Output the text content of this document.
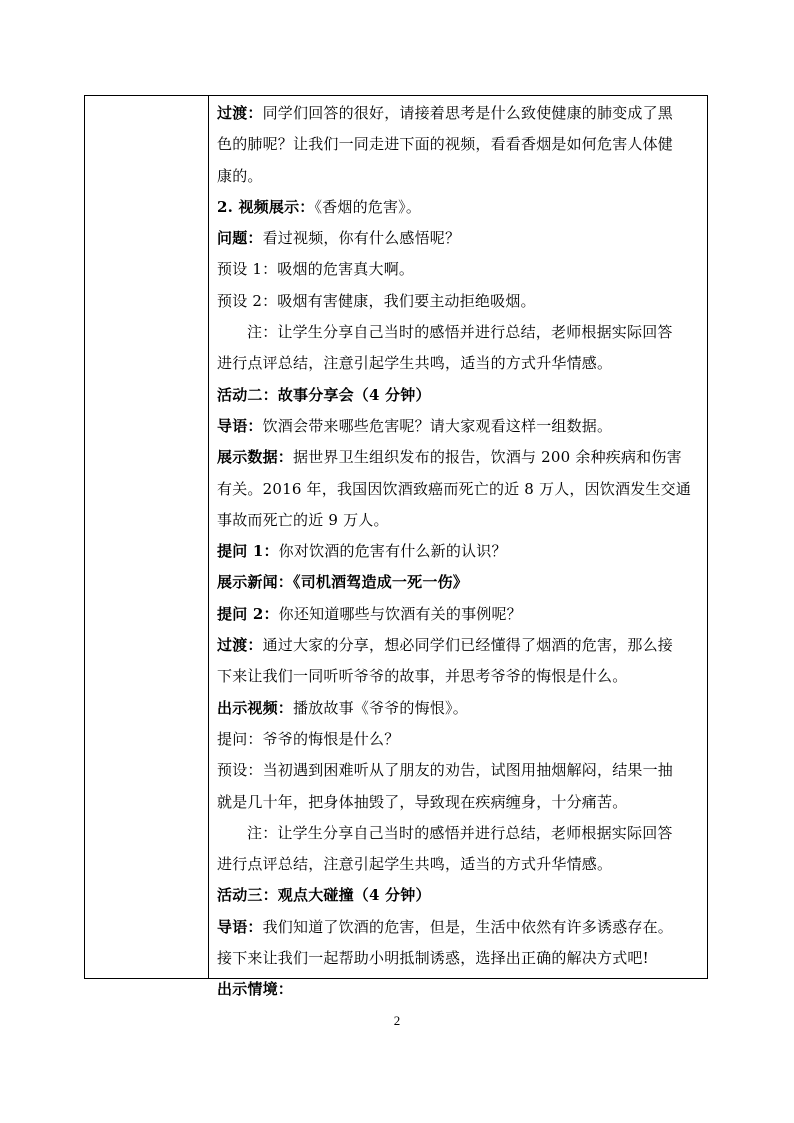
过渡：同学们回答的很好，请接着思考是什么致使健康的肺变成了黑
色的肺呢？让我们一同走进下面的视频，看看香烟是如何危害人体健
康的。
2. 视频展示：《香烟的危害》。
问题：看过视频，你有什么感悟呢？
预设 1：吸烟的危害真大啊。
预设 2：吸烟有害健康，我们要主动拒绝吸烟。
注：让学生分享自己当时的感悟并进行总结，老师根据实际回答
进行点评总结，注意引起学生共鸣，适当的方式升华情感。
活动二：故事分享会（4 分钟）
导语：饮酒会带来哪些危害呢？请大家观看这样一组数据。
展示数据：据世界卫生组织发布的报告，饮酒与 200 余种疾病和伤害
有关。2016 年，我国因饮酒致癌而死亡的近 8 万人，因饮酒发生交通
事故而死亡的近 9 万人。
提问 1：你对饮酒的危害有什么新的认识？
展示新闻：《司机酒驾造成一死一伤》
提问 2：你还知道哪些与饮酒有关的事例呢？
过渡：通过大家的分享，想必同学们已经懂得了烟酒的危害，那么接
下来让我们一同听听爷爷的故事，并思考爷爷的悔恨是什么。
出示视频：播放故事《爷爷的悔恨》。
提问：爷爷的悔恨是什么？
预设：当初遇到困难听从了朋友的劝告，试图用抽烟解闷，结果一抽
就是几十年，把身体抽毁了，导致现在疾病缠身，十分痛苦。
注：让学生分享自己当时的感悟并进行总结，老师根据实际回答
进行点评总结，注意引起学生共鸣，适当的方式升华情感。
活动三：观点大碰撞（4 分钟）
导语：我们知道了饮酒的危害，但是，生活中依然有许多诱惑存在。
接下来让我们一起帮助小明抵制诱惑，选择出正确的解决方式吧!
出示情境：
2
